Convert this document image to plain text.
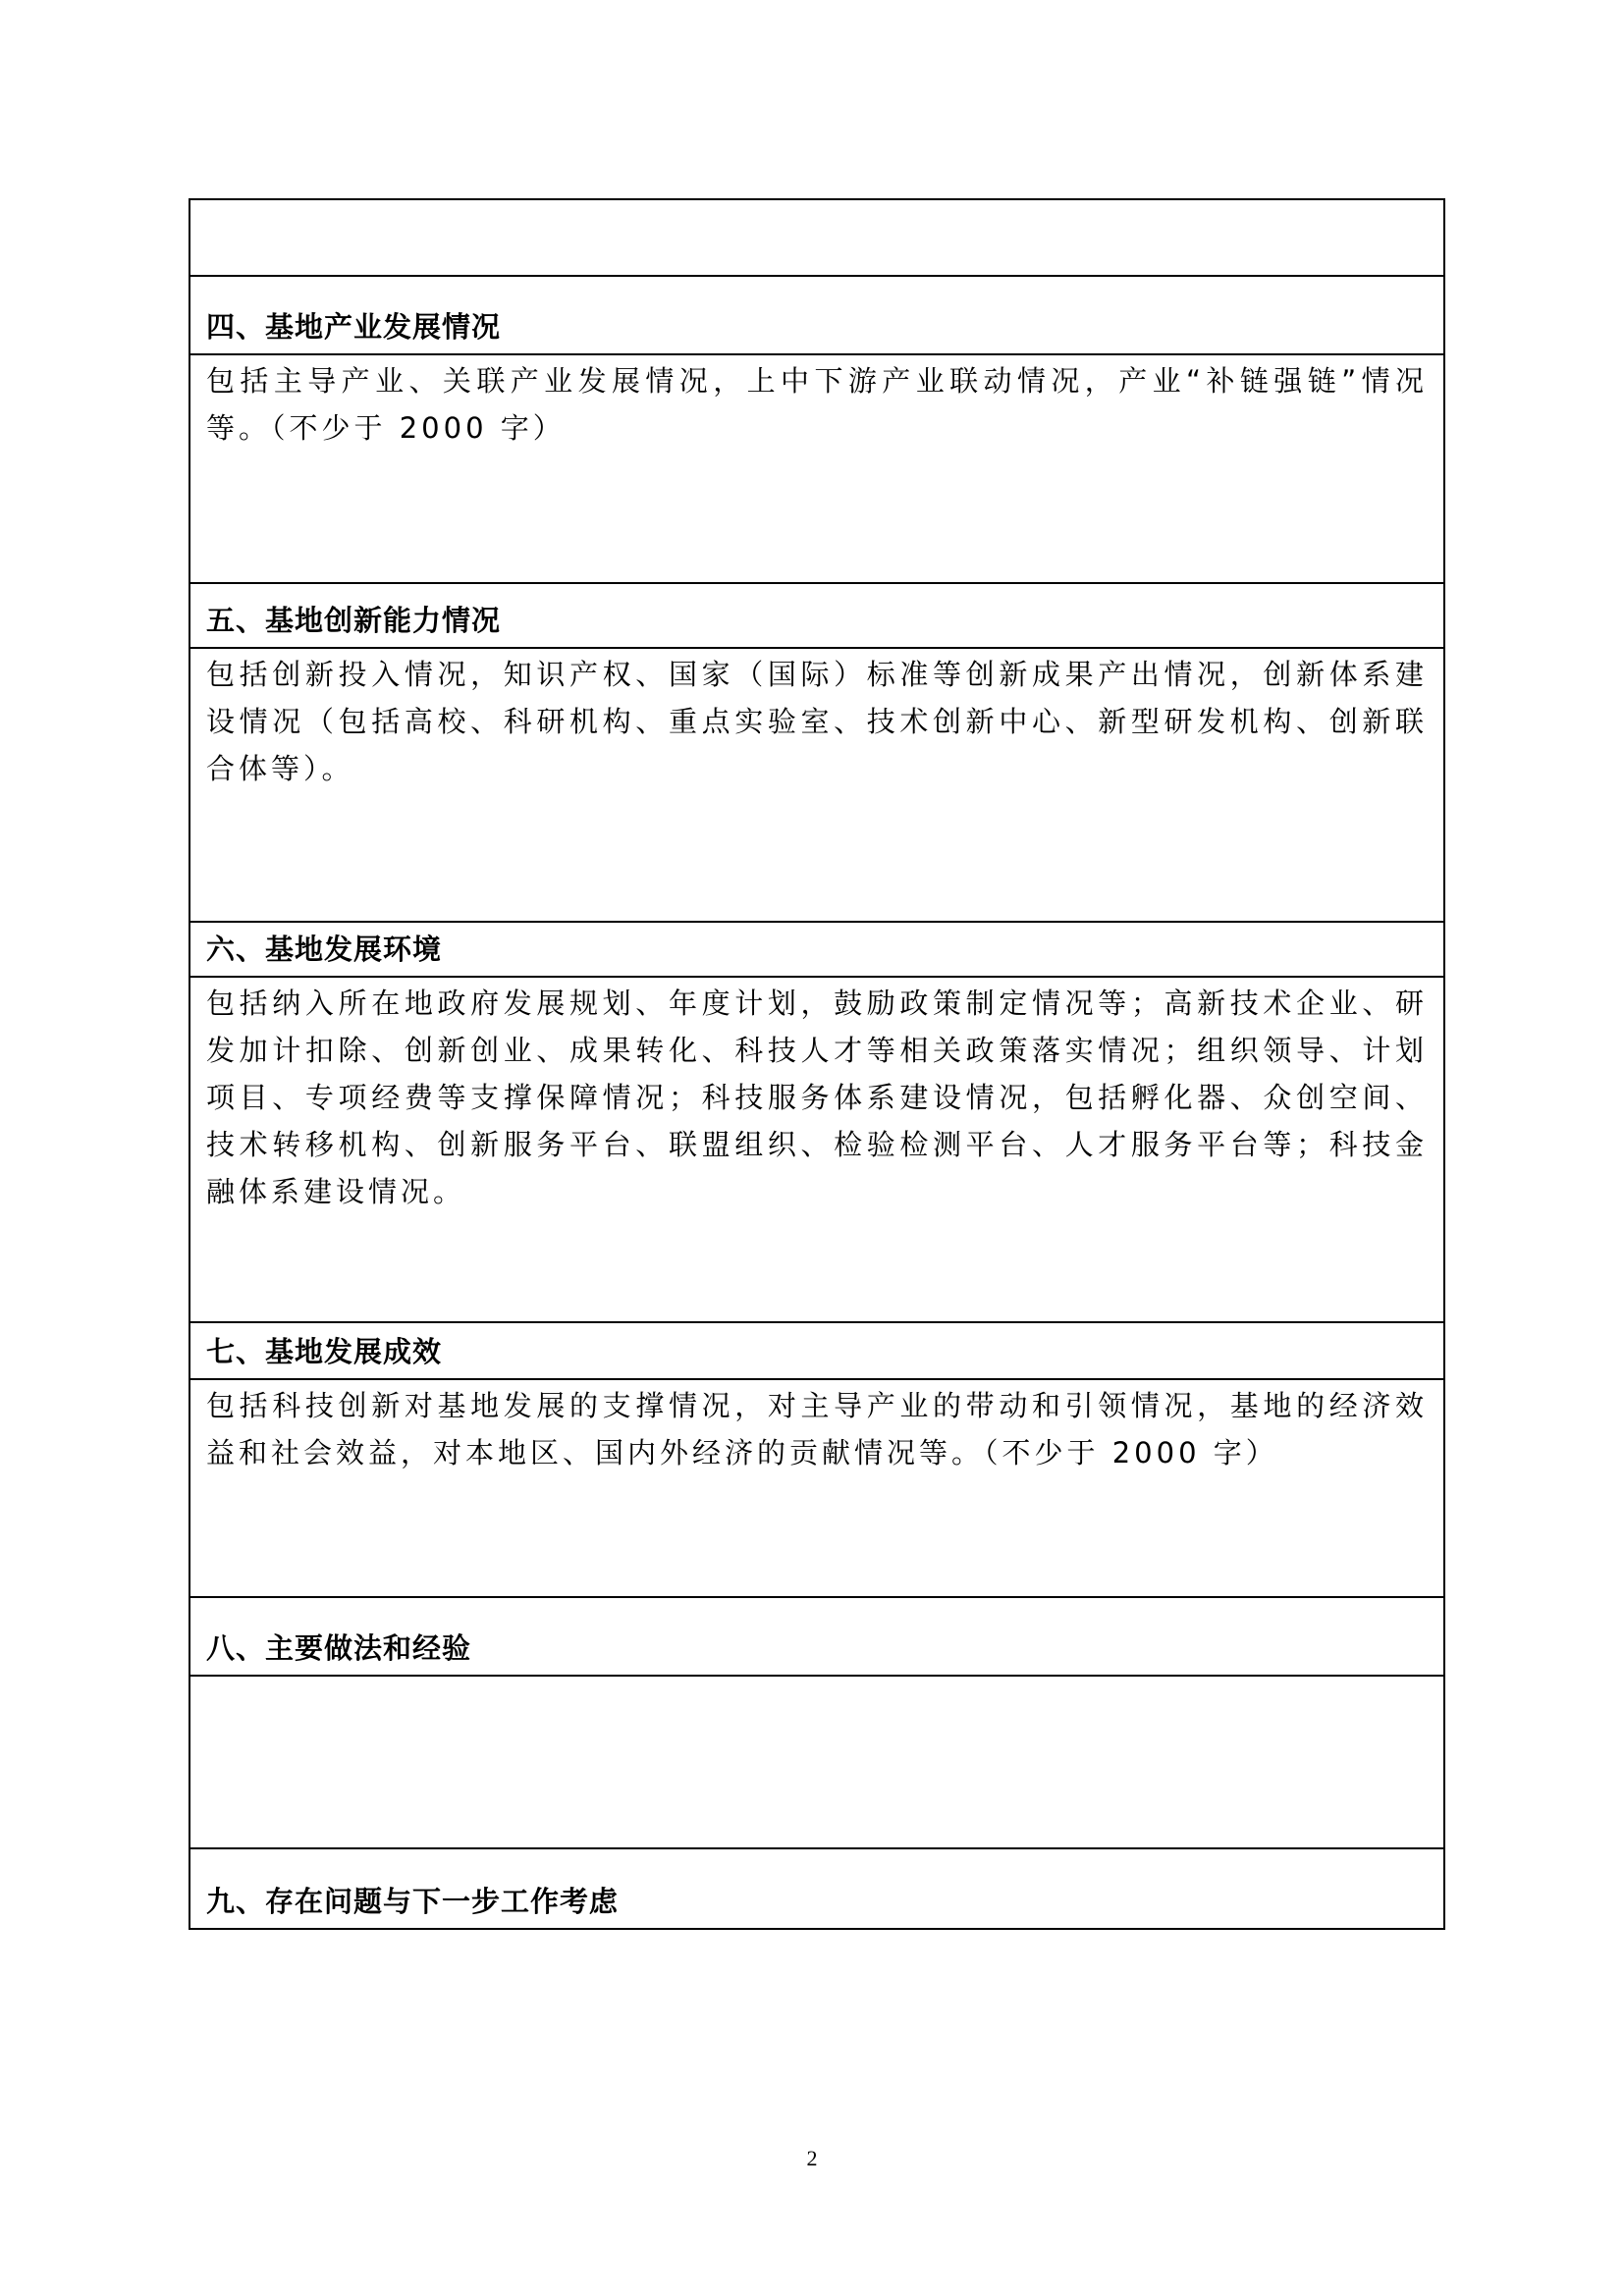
四、基地产业发展情况

包括主导产业、关联产业发展情况，上中下游产业联动情况，产业“补链强链”情况等。（不少于 2000 字）

五、基地创新能力情况

包括创新投入情况，知识产权、国家（国际）标准等创新成果产出情况，创新体系建设情况（包括高校、科研机构、重点实验室、技术创新中心、新型研发机构、创新联合体等）。

六、基地发展环境

包括纳入所在地政府发展规划、年度计划，鼓励政策制定情况等；高新技术企业、研发加计扣除、创新创业、成果转化、科技人才等相关政策落实情况；组织领导、计划项目、专项经费等支撑保障情况；科技服务体系建设情况，包括孵化器、众创空间、技术转移机构、创新服务平台、联盟组织、检验检测平台、人才服务平台等；科技金融体系建设情况。

七、基地发展成效

包括科技创新对基地发展的支撑情况，对主导产业的带动和引领情况，基地的经济效益和社会效益，对本地区、国内外经济的贡献情况等。（不少于 2000 字）

八、主要做法和经验

九、存在问题与下一步工作考虑
2
